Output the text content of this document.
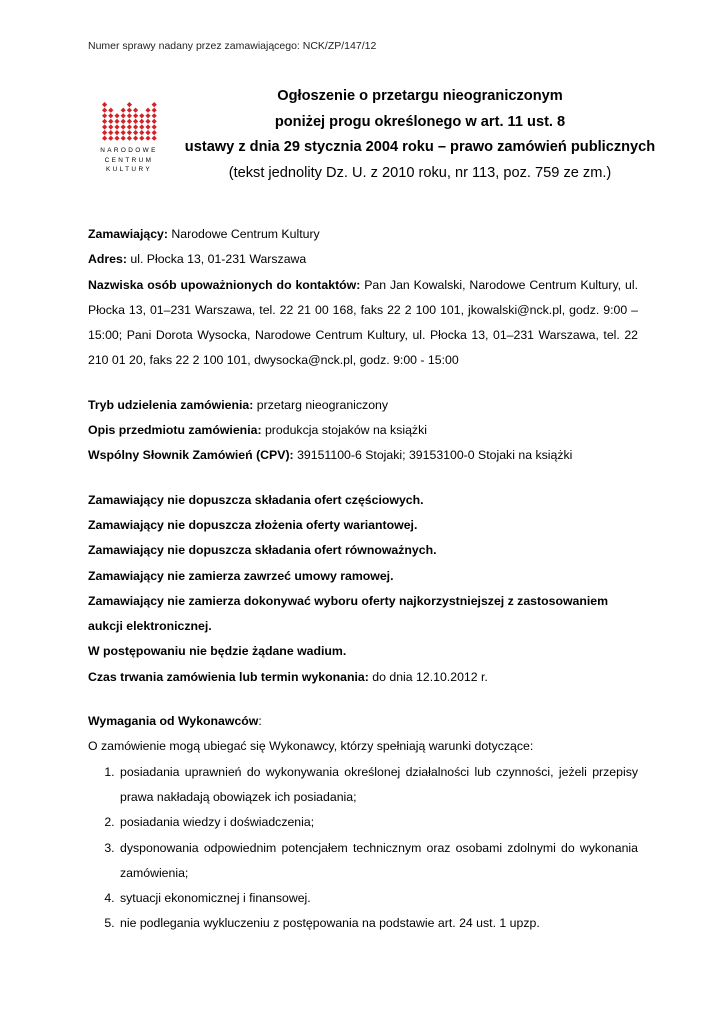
Numer sprawy nadany przez zamawiającego: NCK/ZP/147/12
NARODOWE
CENTRUM
KULTURY
Ogłoszenie o przetargu nieograniczonym
poniżej progu określonego w art. 11 ust. 8
ustawy z dnia 29 stycznia 2004 roku – prawo zamówień publicznych
(tekst jednolity Dz. U. z 2010 roku, nr 113, poz. 759 ze zm.)

Zamawiający: Narodowe Centrum Kultury

Adres: ul. Płocka 13, 01-231 Warszawa

Nazwiska osób upoważnionych do kontaktów: Pan Jan Kowalski, Narodowe Centrum Kultury, ul. Płocka 13, 01–231 Warszawa, tel. 22 21 00 168, faks 22 2 100 101, jkowalski@nck.pl, godz. 9:00 – 15:00; Pani Dorota Wysocka, Narodowe Centrum Kultury, ul. Płocka 13, 01–231 Warszawa, tel. 22 210 01 20, faks 22 2 100 101, dwysocka@nck.pl, godz. 9:00 - 15:00

Tryb udzielenia zamówienia: przetarg nieograniczony

Opis przedmiotu zamówienia: produkcja stojaków na książki

Wspólny Słownik Zamówień (CPV): 39151100-6 Stojaki; 39153100-0 Stojaki na książki

Zamawiający nie dopuszcza składania ofert częściowych.

Zamawiający nie dopuszcza złożenia oferty wariantowej.

Zamawiający nie dopuszcza składania ofert równoważnych.

Zamawiający nie zamierza zawrzeć umowy ramowej.

Zamawiający nie zamierza dokonywać wyboru oferty najkorzystniejszej z zastosowaniem aukcji elektronicznej.

W postępowaniu nie będzie żądane wadium.

Czas trwania zamówienia lub termin wykonania: do dnia 12.10.2012 r.

Wymagania od Wykonawców:

O zamówienie mogą ubiegać się Wykonawcy, którzy spełniają warunki dotyczące:

1. posiadania uprawnień do wykonywania określonej działalności lub czynności, jeżeli przepisy prawa nakładają obowiązek ich posiadania;
2. posiadania wiedzy i doświadczenia;
3. dysponowania odpowiednim potencjałem technicznym oraz osobami zdolnymi do wykonania zamówienia;
4. sytuacji ekonomicznej i finansowej.
5. nie podlegania wykluczeniu z postępowania na podstawie art. 24 ust. 1 upzp.
